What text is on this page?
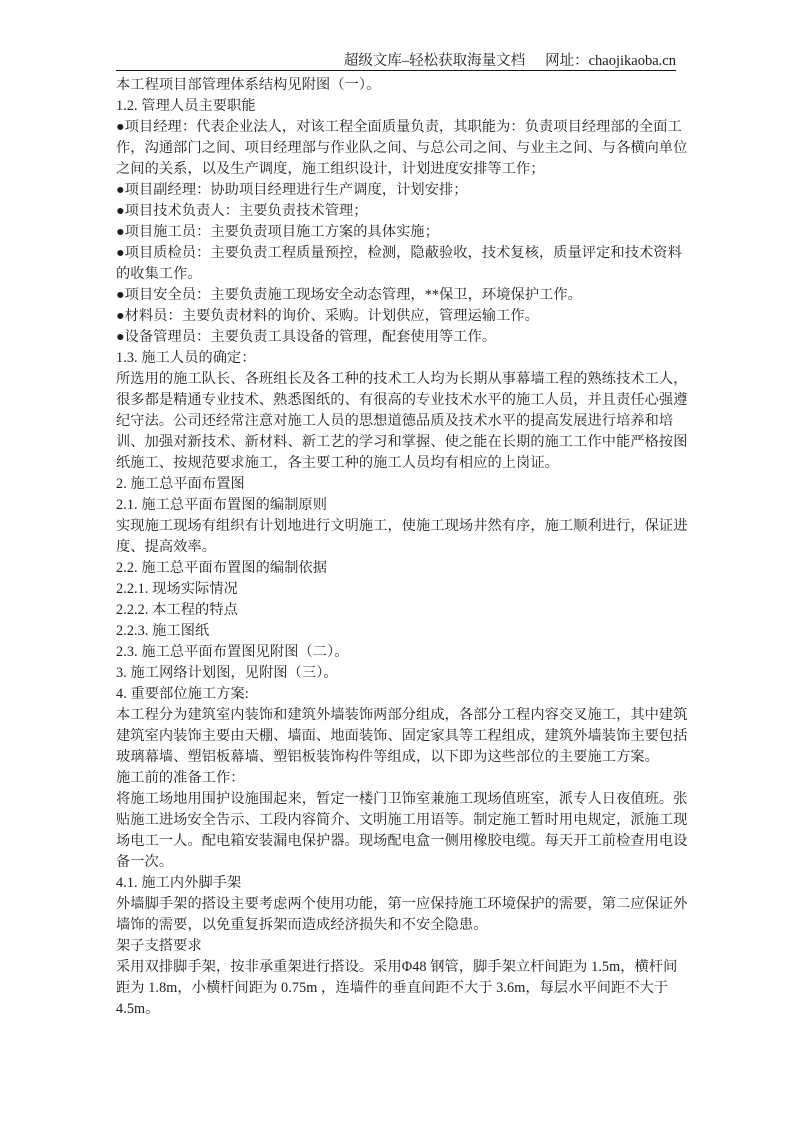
超级文库–轻松获取海量文档 网址：chaojikaoba.cn
本工程项目部管理体系结构见附图（一）。
1.2. 管理人员主要职能
●项目经理：代表企业法人，对该工程全面质量负责，其职能为：负责项目经理部的全面工
作，沟通部门之间、项目经理部与作业队之间、与总公司之间、与业主之间、与各横向单位
之间的关系，以及生产调度，施工组织设计，计划进度安排等工作；
●项目副经理：协助项目经理进行生产调度，计划安排；
●项目技术负责人：主要负责技术管理；
●项目施工员：主要负责项目施工方案的具体实施；
●项目质检员：主要负责工程质量预控，检测，隐蔽验收，技术复核，质量评定和技术资料
的收集工作。
●项目安全员：主要负责施工现场安全动态管理，**保卫，环境保护工作。
●材料员：主要负责材料的询价、采购。计划供应，管理运输工作。
●设备管理员：主要负责工具设备的管理，配套使用等工作。
1.3. 施工人员的确定：
所选用的施工队长、各班组长及各工种的技术工人均为长期从事幕墙工程的熟练技术工人，
很多都是精通专业技术、熟悉图纸的、有很高的专业技术水平的施工人员，并且责任心强遵
纪守法。公司还经常注意对施工人员的思想道德品质及技术水平的提高发展进行培养和培
训、加强对新技术、新材料、新工艺的学习和掌握、使之能在长期的施工工作中能严格按图
纸施工、按规范要求施工，各主要工种的施工人员均有相应的上岗证。
2. 施工总平面布置图
2.1. 施工总平面布置图的编制原则
实现施工现场有组织有计划地进行文明施工，使施工现场井然有序，施工顺利进行，保证进
度、提高效率。
2.2. 施工总平面布置图的编制依据
2.2.1. 现场实际情况
2.2.2. 本工程的特点
2.2.3. 施工图纸
2.3. 施工总平面布置图见附图（二）。
3. 施工网络计划图，见附图（三）。
4. 重要部位施工方案:
本工程分为建筑室内装饰和建筑外墙装饰两部分组成，各部分工程内容交叉施工，其中建筑
建筑室内装饰主要由天棚、墙面、地面装饰、固定家具等工程组成，建筑外墙装饰主要包括
玻璃幕墙、塑铝板幕墙、塑铝板装饰构件等组成，以下即为这些部位的主要施工方案。
施工前的准备工作：
将施工场地用围护设施围起来，暂定一楼门卫饰室兼施工现场值班室，派专人日夜值班。张
贴施工进场安全告示、工段内容简介、文明施工用语等。制定施工暂时用电规定，派施工现
场电工一人。配电箱安装漏电保护器。现场配电盒一侧用橡胶电缆。每天开工前检查用电设
备一次。
4.1. 施工内外脚手架
外墙脚手架的搭设主要考虑两个使用功能，第一应保持施工环境保护的需要，第二应保证外
墙饰的需要，以免重复拆架而造成经济损失和不安全隐患。
架子支搭要求
采用双排脚手架，按非承重架进行搭设。采用Φ48 钢管，脚手架立杆间距为 1.5m，横杆间
距为 1.8m，小横杆间距为 0.75m ，连墙件的垂直间距不大于 3.6m，每层水平间距不大于
4.5m。
